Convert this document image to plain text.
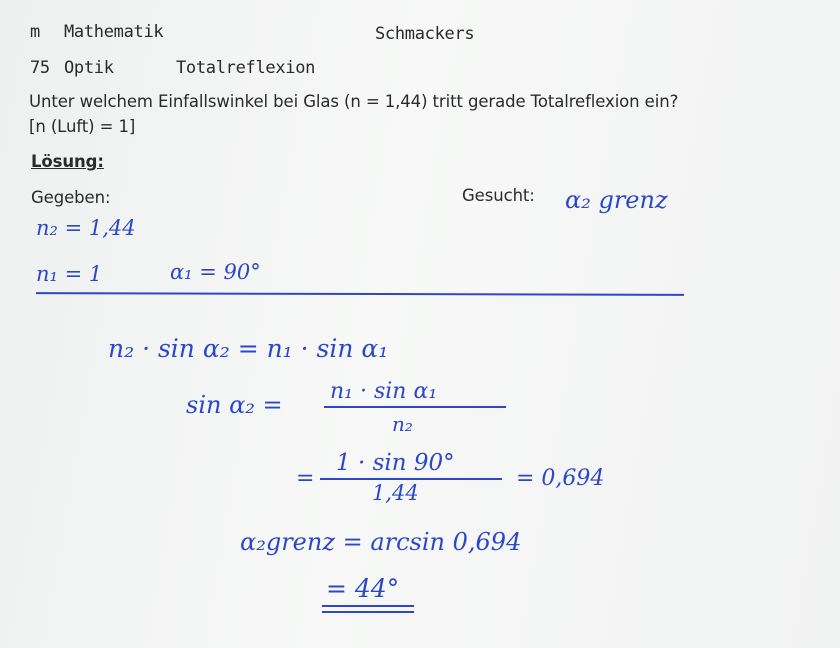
m Mathematik	Schmackers
75 Optik	Totalreflexion
Unter welchem Einfallswinkel bei Glas (n = 1,44) tritt gerade Totalreflexion ein?
[n (Luft) = 1]
Lösung:
Gegeben:	Gesucht: α₂ grenz
n₂ = 1,44
n₁ = 1	α₁ = 90°
n₂ · sin α₂ = n₁ · sin α₁
sin α₂ = n₁ · sin α₁
n₂
=
1 · sin 90°
1,44
= 0,694
α₂grenz = arcsin 0,694
= 44°
